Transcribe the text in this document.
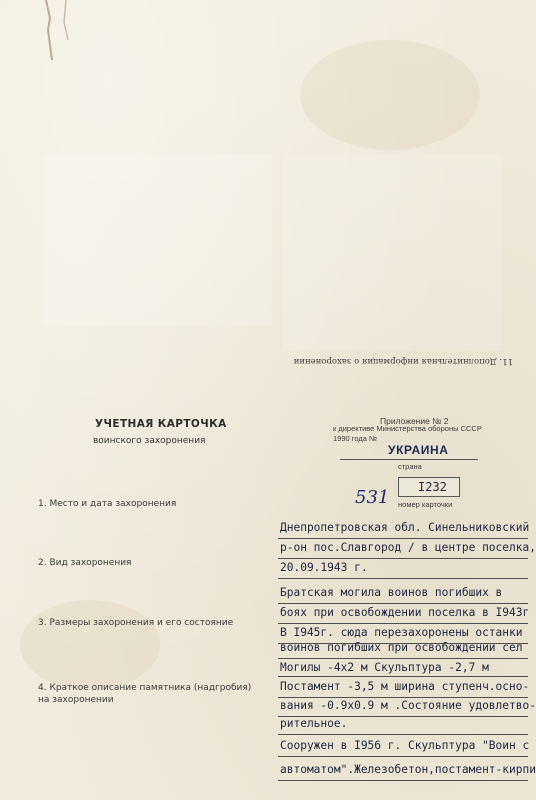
11. Дополнительная информация о захоронении
УЧЕТНАЯ КАРТОЧКА
воинского захоронения
Приложение № 2
к директиве Министерства обороны СССР
1990 года №
УКРАИНА
страна
531 I232
номер карточки
1. Место и дата захоронения
2. Вид захоронения
3. Размеры захоронения и его состояние
4. Краткое описание памятника (надгробия) на захоронении

Днепропетровская обл. Синельниковский
р-он пос.Славгород / в центре поселка,
20.09.1943 г.
Братская могила воинов погибших в
боях при освобождении поселка в I943г
В I945г. сюда перезахоронены останки
воинов погибших при освобождении сел
Могилы -4х2 м Скульптура -2,7 м
Постамент -3,5 м ширина ступенч.осно-
вания -0.9х0.9 м .Состояние удовлетво-
рительное.
Сооружен в I956 г. Скульптура "Воин с
автоматом".Железобетон,постамент-кирпи
